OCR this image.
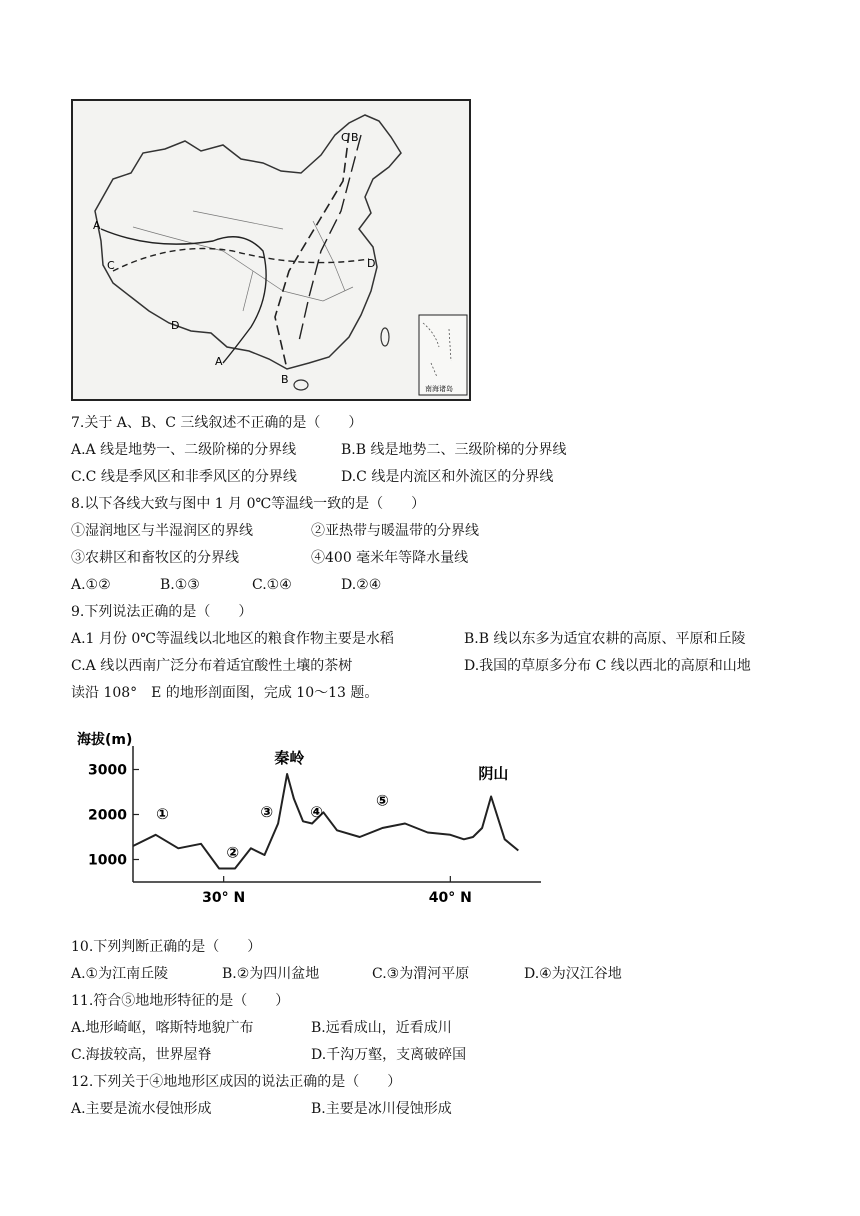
A
B
C
D
A
B
C
D
南海诸岛
7.关于 A、B、C 三线叙述不正确的是（　　）
A.A 线是地势一、二级阶梯的分界线	B.B 线是地势二、三级阶梯的分界线
C.C 线是季风区和非季风区的分界线	D.C 线是内流区和外流区的分界线
8.以下各线大致与图中 1 月 0℃等温线一致的是（　　）
①湿润地区与半湿润区的界线	②亚热带与暖温带的分界线
③农耕区和畜牧区的分界线	④400 毫米年等降水量线
A.①②	B.①③	C.①④	D.②④
9.下列说法正确的是（　　）
A.1 月份 0℃等温线以北地区的粮食作物主要是水稻	B.B 线以东多为适宜农耕的高原、平原和丘陵
C.A 线以西南广泛分布着适宜酸性土壤的茶树	D.我国的草原多分布 C 线以西北的高原和山地
读沿 108°　E 的地形剖面图，完成 10～13 题。
海拔(m)
1000
2000
3000
30° N	40° N
秦岭
阴山
①
②
③ ④
⑤
10.下列判断正确的是（　　）
A.①为江南丘陵	B.②为四川盆地	C.③为渭河平原	D.④为汉江谷地
11.符合⑤地地形特征的是（　　）
A.地形崎岖，喀斯特地貌广布	B.远看成山，近看成川
C.海拔较高，世界屋脊	D.千沟万壑，支离破碎国
12.下列关于④地地形区成因的说法正确的是（　　）
A.主要是流水侵蚀形成	B.主要是冰川侵蚀形成
